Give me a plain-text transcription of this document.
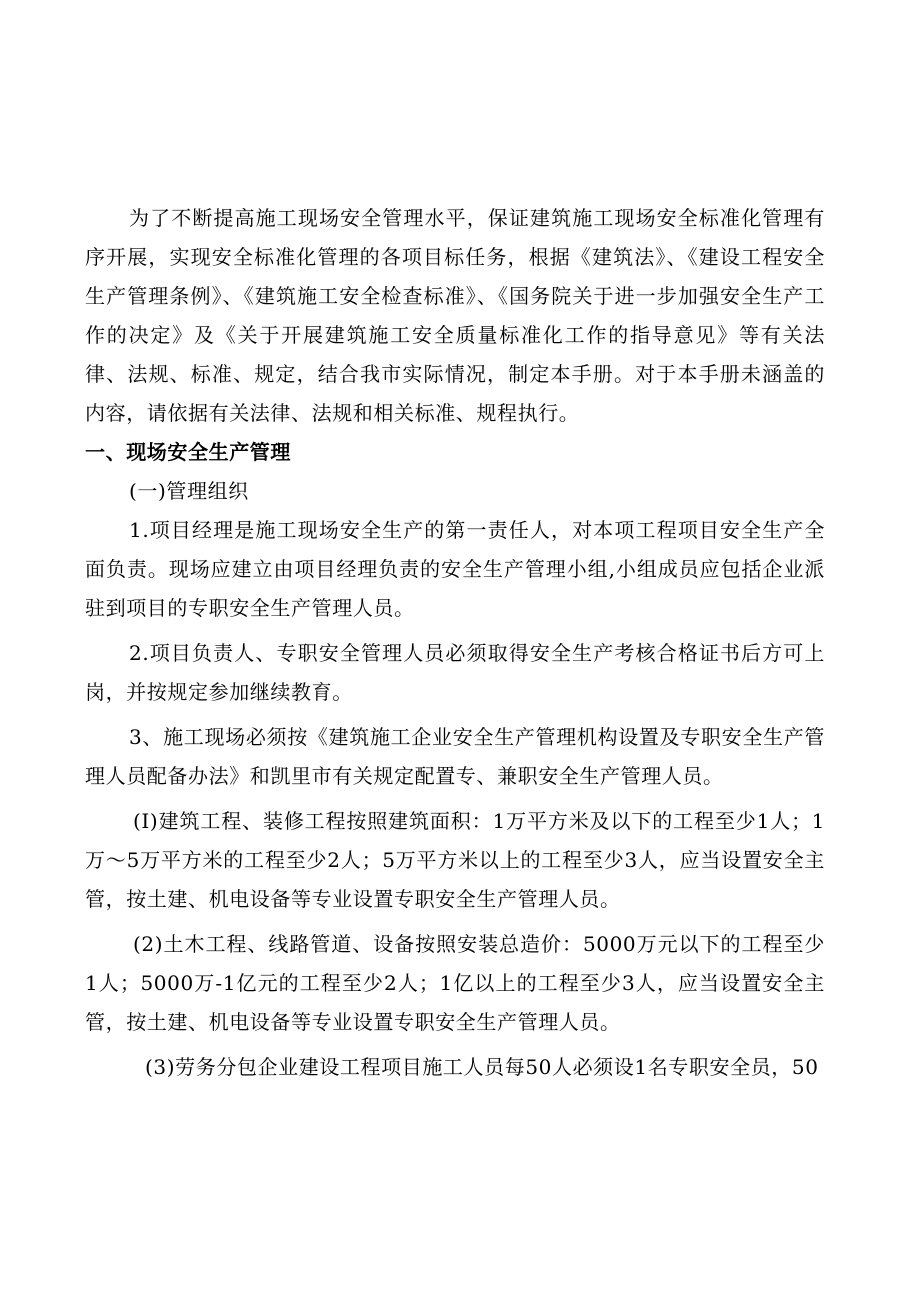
为了不断提高施工现场安全管理水平，保证建筑施工现场安全标准化管理有序开展，实现安全标准化管理的各项目标任务，根据《建筑法》、《建设工程安全生产管理条例》、《建筑施工安全检查标准》、《国务院关于进一步加强安全生产工作的决定》及《关于开展建筑施工安全质量标准化工作的指导意见》等有关法律、法规、标准、规定，结合我市实际情况，制定本手册。对于本手册未涵盖的内容，请依据有关法律、法规和相关标准、规程执行。

一、现场安全生产管理

(一)管理组织

1.项目经理是施工现场安全生产的第一责任人，对本项工程项目安全生产全面负责。现场应建立由项目经理负责的安全生产管理小组,小组成员应包括企业派驻到项目的专职安全生产管理人员。

2.项目负责人、专职安全管理人员必须取得安全生产考核合格证书后方可上岗，并按规定参加继续教育。

3、施工现场必须按《建筑施工企业安全生产管理机构设置及专职安全生产管理人员配备办法》和凯里市有关规定配置专、兼职安全生产管理人员。

(I)建筑工程、装修工程按照建筑面积：1万平方米及以下的工程至少1人；1万～5万平方米的工程至少2人；5万平方米以上的工程至少3人，应当设置安全主管，按土建、机电设备等专业设置专职安全生产管理人员。

(2)土木工程、线路管道、设备按照安装总造价：5000万元以下的工程至少1人；5000万-1亿元的工程至少2人；1亿以上的工程至少3人，应当设置安全主管，按土建、机电设备等专业设置专职安全生产管理人员。

(3)劳务分包企业建设工程项目施工人员每50人必须设1名专职安全员，50
